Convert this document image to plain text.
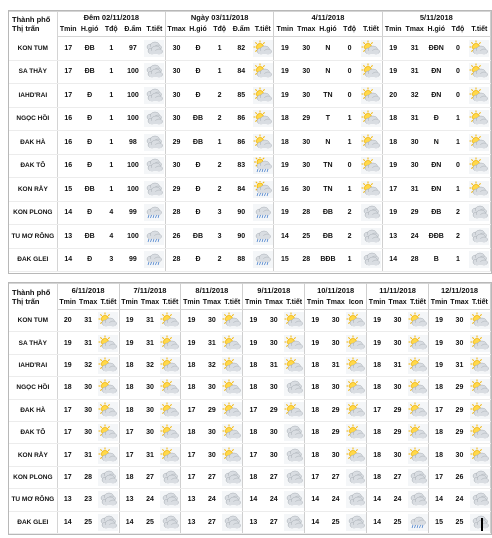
Thành phố
Thị trấn	Đêm 02/11/2018					Ngày 03/11/2018					4/11/2018					5/11/2018				
	Tmin	H.gió	Tđộ	Đ.ẩm	T.tiết	Tmax	H.gió	Tđộ	Đ.ẩm	T.tiết	Tmin	Tmax	H.gió	Tđộ	T.tiết	Tmin	Tmax	H.gió	Tđộ	T.tiết
KON TUM	17	ĐB	1	97		30	Đ	1	82		19	30	N	0		19	31	ĐĐN	0	

SA THẦY	17	ĐB	1	100		30	Đ	1	84		19	30	N	0		19	31	ĐN	0	

IAHD'RAI	17	Đ	1	100		30	Đ	2	85		19	30	TN	0		20	32	ĐN	0	

NGỌC HỒI	16	Đ	1	100		30	ĐB	2	86		18	29	T	1		18	31	Đ	1	

ĐAK HÀ	16	Đ	1	98		29	ĐB	1	86		18	30	N	1		18	30	N	1	

ĐAK TÔ	16	Đ	1	100		30	Đ	2	83		19	30	TN	0		19	30	ĐN	0	

KON RẪY	15	ĐB	1	100		29	Đ	2	84		16	30	TN	1		17	31	ĐN	1	

KON PLONG	14	Đ	4	99		28	Đ	3	90		19	28	ĐB	2		19	29	ĐB	2	

TU MƠ RÔNG	13	ĐB	4	100		26	ĐB	3	90		14	25	ĐB	2		13	24	ĐĐB	2	

ĐAK GLEI	14	Đ	3	99		28	Đ	2	88		15	28	BĐB	1		14	28	B	1	
Thành phố
Thị trấn	6/11/2018			7/11/2018			8/11/2018			9/11/2018			10/11/2018			11/11/2018			12/11/2018		
	Tmin	Tmax	T.tiết	Tmin	Tmax	T.tiết	Tmin	Tmax	T.tiết	Tmin	Tmax	T.tiết	Tmin	Tmax	Icon	Tmin	Tmax	T.tiết	Tmin	Tmax	T.tiết
KON TUM	20	31		19	31		19	30		19	30		19	30		19	30		19	30	

SA THẦY	19	31		19	31		19	31		19	30		19	30		19	30		19	30	

IAHD'RAI	19	32		18	32		18	32		18	31		18	31		18	31		19	31	

NGỌC HỒI	18	30		18	30		18	30		18	30		18	30		18	30		18	29	

ĐAK HÀ	17	30		18	30		17	29		17	29		18	29		17	29		17	29	

ĐAK TÔ	17	30		17	30		18	30		18	30		18	29		18	29		18	29	

KON RẪY	17	31		17	31		17	30		17	30		18	30		18	30		18	30	

KON PLONG	17	28		18	27		17	27		18	27		17	27		18	27		17	26	

TU MƠ RÔNG	13	23		13	24		13	24		14	24		14	24		14	24		14	24	

ĐAK GLEI	14	25		14	25		13	27		13	27		14	25		14	25		15	25	
